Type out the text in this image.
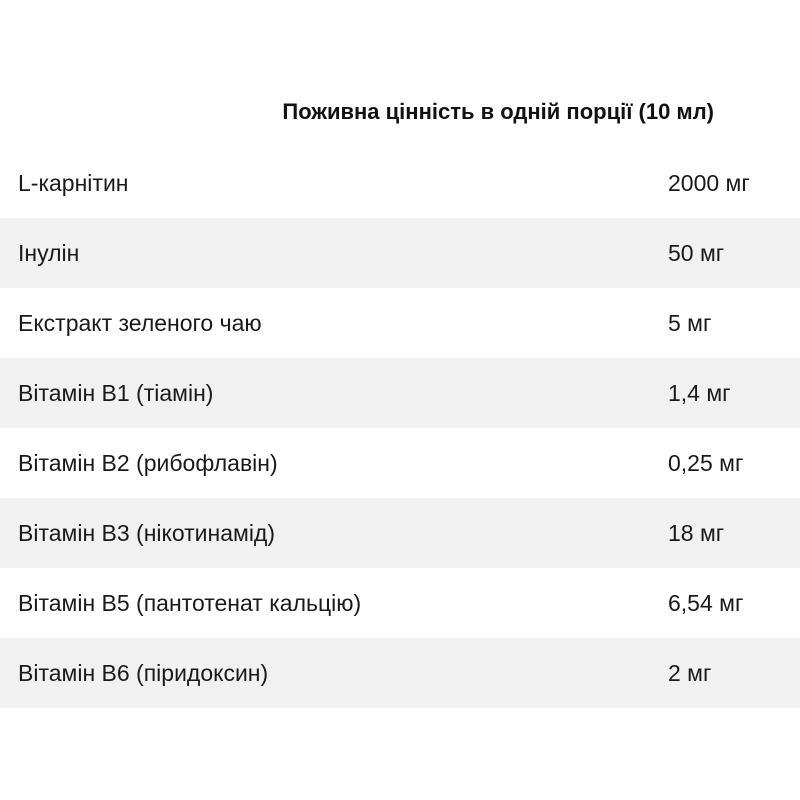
Поживна цінність в одній порції (10 мл)
L-карнітин	2000 мг
Інулін	50 мг
Екстракт зеленого чаю	5 мг
Вітамін B1 (тіамін)	1,4 мг
Вітамін B2 (рибофлавін)	0,25 мг
Вітамін B3 (нікотинамід)	18 мг
Вітамін B5 (пантотенат кальцію)	6,54 мг
Вітамін B6 (піридоксин)	2 мг
